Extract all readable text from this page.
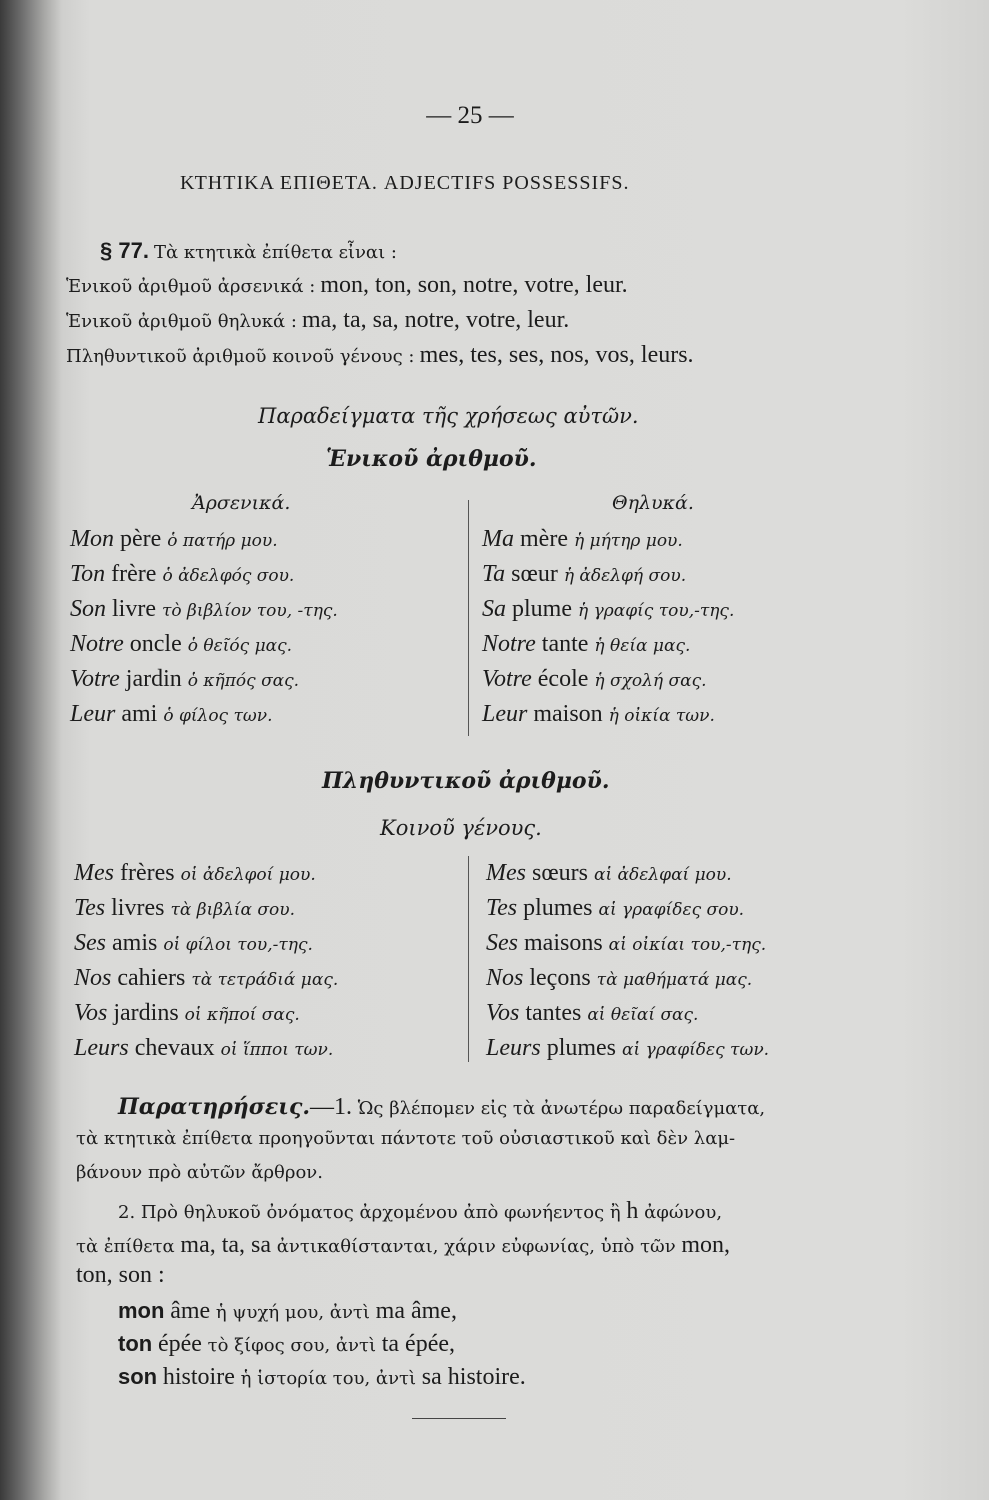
— 25 —
ΚΤΗΤΙΚΑ ΕΠΙΘΕΤΑ. ADJECTIFS POSSESSIFS.
§ 77. Τὰ κτητικὰ ἐπίθετα εἶναι :
Ἑνικοῦ ἀριθμοῦ ἀρσενικά : mon, ton, son, notre, votre, leur.
Ἑνικοῦ ἀριθμοῦ θηλυκά : ma, ta, sa, notre, votre, leur.
Πληθυντικοῦ ἀριθμοῦ κοινοῦ γένους : mes, tes, ses, nos, vos, leurs.
Παραδείγματα τῆς χρήσεως αὐτῶν.
Ἑνικοῦ ἀριθμοῦ.
Ἀρσενικά.	Θηλυκά.
Mon père ὁ πατήρ μου.
Ton frère ὁ ἀδελφός σου.
Son livre τὸ βιβλίον του, -της.
Notre oncle ὁ θεῖός μας.
Votre jardin ὁ κῆπός σας.
Leur ami ὁ φίλος των.
Ma mère ἡ μήτηρ μου.
Ta sœur ἡ ἀδελφή σου.
Sa plume ἡ γραφίς του,-της.
Notre tante ἡ θεία μας.
Votre école ἡ σχολή σας.
Leur maison ἡ οἰκία των.
Πληθυντικοῦ ἀριθμοῦ.
Κοινοῦ γένους.
Mes frères οἱ ἀδελφοί μου.
Tes livres τὰ βιβλία σου.
Ses amis οἱ φίλοι του,-της.
Nos cahiers τὰ τετράδιά μας.
Vos jardins οἱ κῆποί σας.
Leurs chevaux οἱ ἵπποι των.
Mes sœurs αἱ ἀδελφαί μου.
Tes plumes αἱ γραφίδες σου.
Ses maisons αἱ οἰκίαι του,-της.
Nos leçons τὰ μαθήματά μας.
Vos tantes αἱ θεῖαί σας.
Leurs plumes αἱ γραφίδες των.
Παρατηρήσεις.—1. Ὡς βλέπομεν εἰς τὰ ἀνωτέρω παραδείγματα,
τὰ κτητικὰ ἐπίθετα προηγοῦνται πάντοτε τοῦ οὐσιαστικοῦ καὶ δὲν λαμ-
βάνουν πρὸ αὐτῶν ἄρθρον.
2. Πρὸ θηλυκοῦ ὀνόματος ἀρχομένου ἀπὸ φωνήεντος ἢ h ἀφώνου,
τὰ ἐπίθετα ma, ta, sa ἀντικαθίστανται, χάριν εὐφωνίας, ὑπὸ τῶν mon,
ton, son :
mon âme ἡ ψυχή μου, ἀντὶ ma âme,
ton épée τὸ ξίφος σου, ἀντὶ ta épée,
son histoire ἡ ἱστορία του, ἀντὶ sa histoire.
